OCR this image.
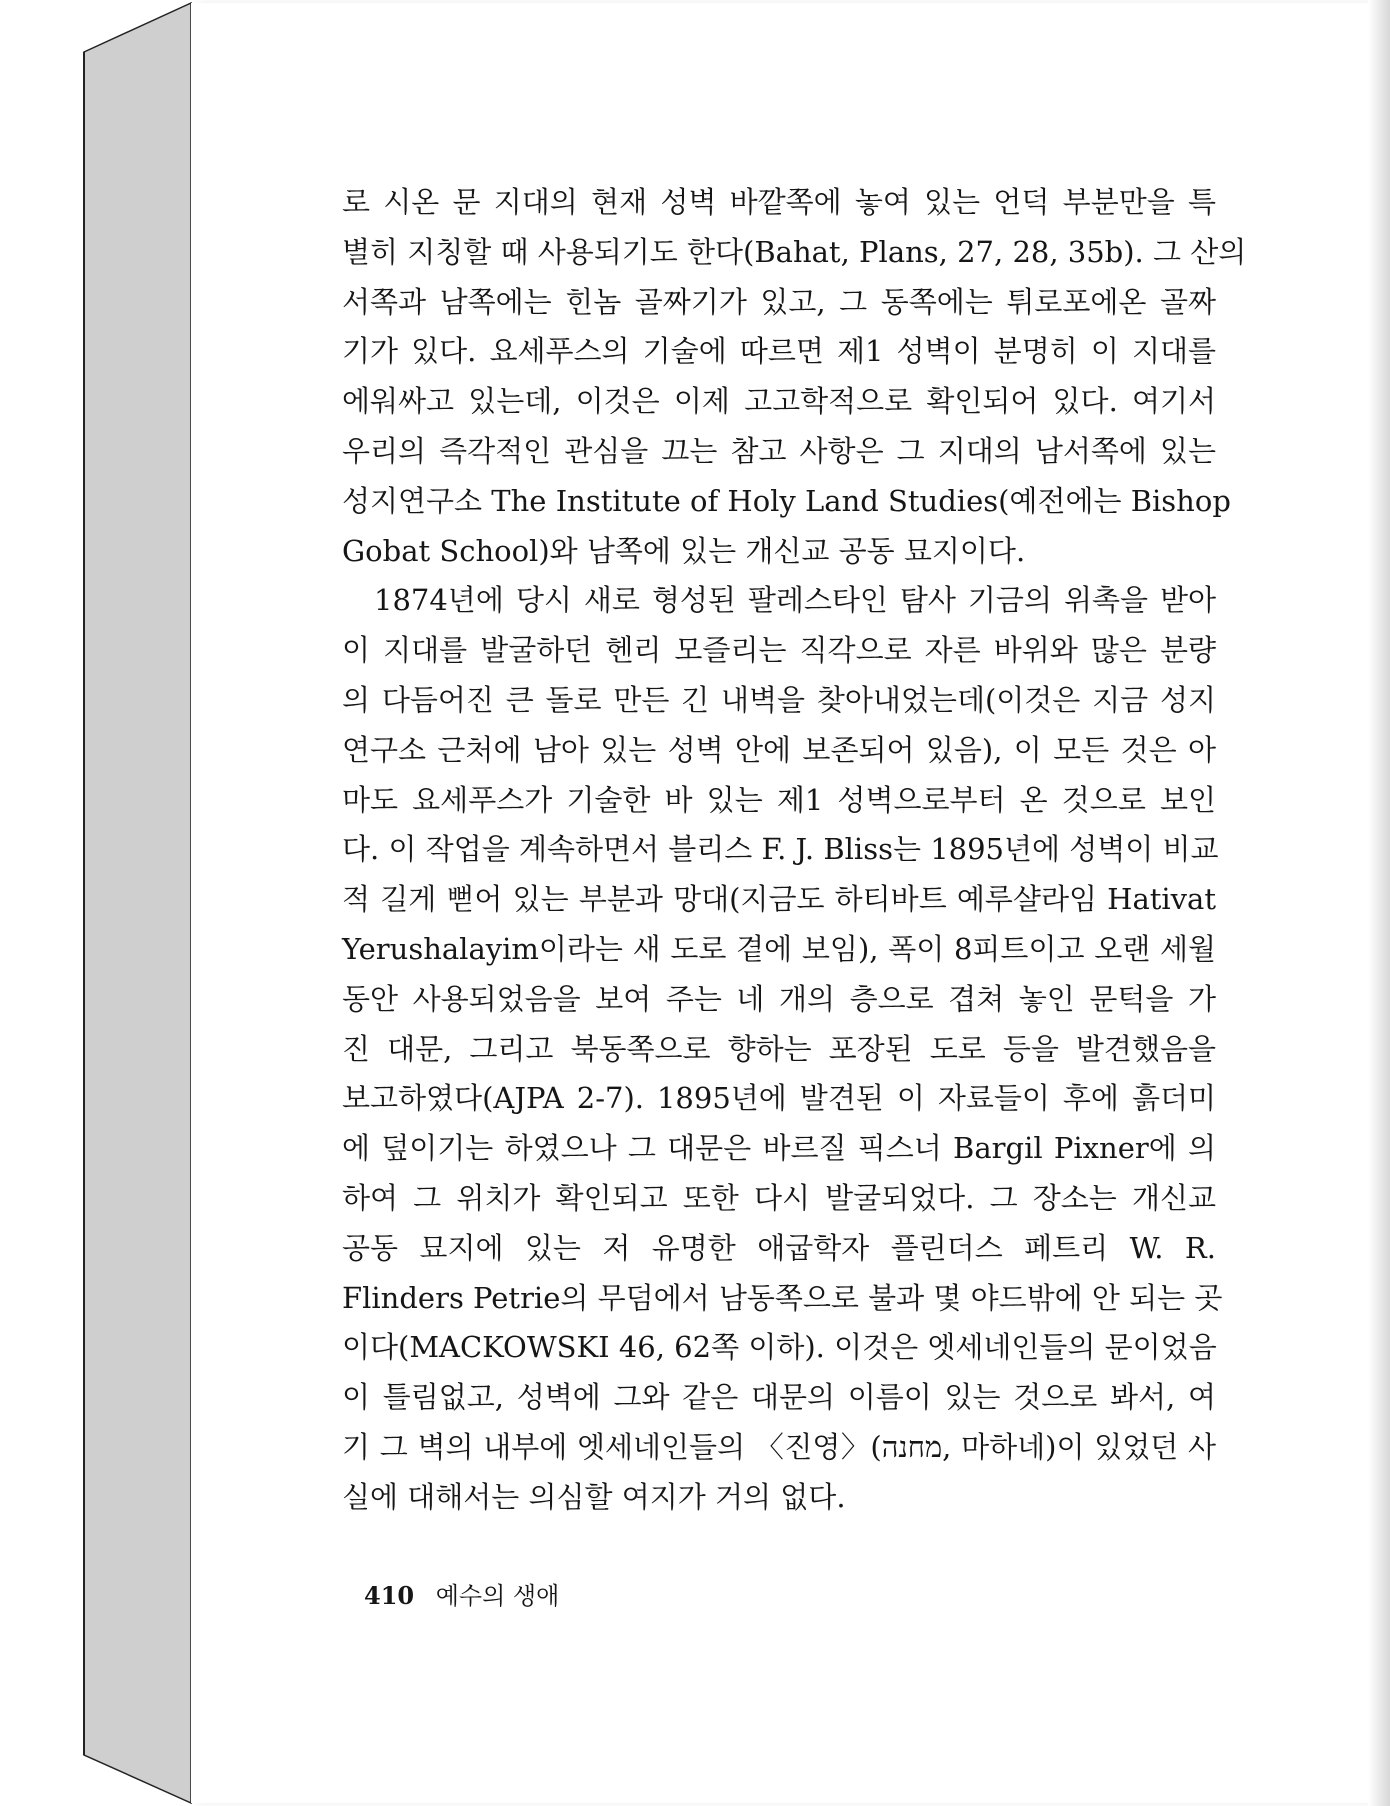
로 시온 문 지대의 현재 성벽 바깥쪽에 놓여 있는 언덕 부분만을 특
별히 지칭할 때 사용되기도 한다(Bahat, Plans, 27, 28, 35b). 그 산의
서쪽과 남쪽에는 힌놈 골짜기가 있고, 그 동쪽에는 튀로포에온 골짜
기가 있다. 요세푸스의 기술에 따르면 제1 성벽이 분명히 이 지대를
에워싸고 있는데, 이것은 이제 고고학적으로 확인되어 있다. 여기서
우리의 즉각적인 관심을 끄는 참고 사항은 그 지대의 남서쪽에 있는
성지연구소 The Institute of Holy Land Studies(예전에는 Bishop
Gobat School)와 남쪽에 있는 개신교 공동 묘지이다.
1874년에 당시 새로 형성된 팔레스타인 탐사 기금의 위촉을 받아
이 지대를 발굴하던 헨리 모즐리는 직각으로 자른 바위와 많은 분량
의 다듬어진 큰 돌로 만든 긴 내벽을 찾아내었는데(이것은 지금 성지
연구소 근처에 남아 있는 성벽 안에 보존되어 있음), 이 모든 것은 아
마도 요세푸스가 기술한 바 있는 제1 성벽으로부터 온 것으로 보인
다. 이 작업을 계속하면서 블리스 F. J. Bliss는 1895년에 성벽이 비교
적 길게 뻗어 있는 부분과 망대(지금도 하티바트 예루샬라임 Hativat
Yerushalayim이라는 새 도로 곁에 보임), 폭이 8피트이고 오랜 세월
동안 사용되었음을 보여 주는 네 개의 층으로 겹쳐 놓인 문턱을 가
진 대문, 그리고 북동쪽으로 향하는 포장된 도로 등을 발견했음을
보고하였다(AJPA 2-7). 1895년에 발견된 이 자료들이 후에 흙더미
에 덮이기는 하였으나 그 대문은 바르질 픽스너 Bargil Pixner에 의
하여 그 위치가 확인되고 또한 다시 발굴되었다. 그 장소는 개신교
공동 묘지에 있는 저 유명한 애굽학자 플린더스 페트리 W. R.
Flinders Petrie의 무덤에서 남동쪽으로 불과 몇 야드밖에 안 되는 곳
이다(MACKOWSKI 46, 62쪽 이하). 이것은 엣세네인들의 문이었음
이 틀림없고, 성벽에 그와 같은 대문의 이름이 있는 것으로 봐서, 여
기 그 벽의 내부에 엣세네인들의 〈진영〉(מחנה, 마하네)이 있었던 사
실에 대해서는 의심할 여지가 거의 없다.
410 예수의 생애
